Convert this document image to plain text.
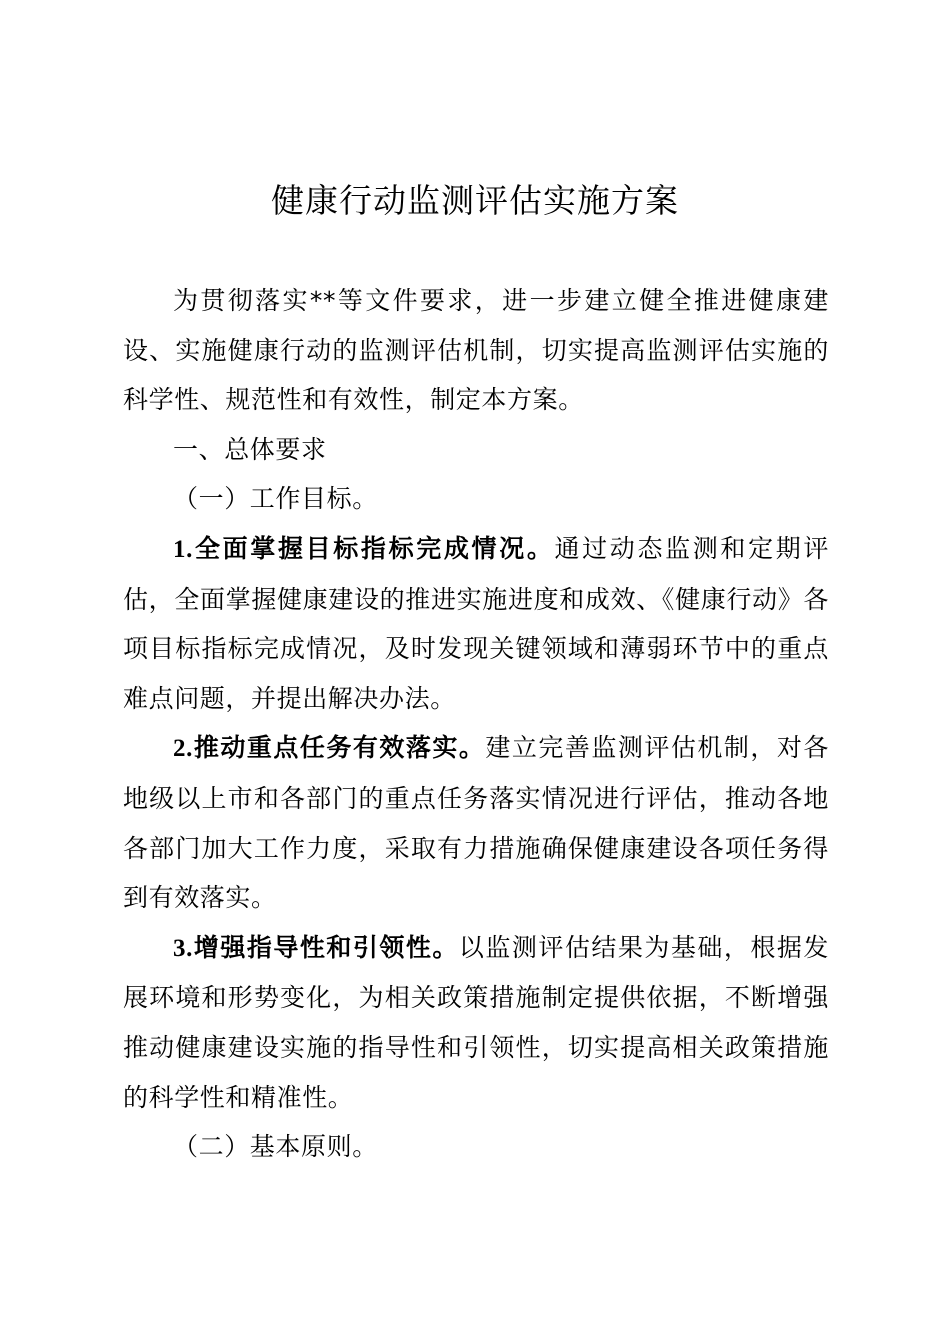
健康行动监测评估实施方案

为贯彻落实**等文件要求，进一步建立健全推进健康建设、实施健康行动的监测评估机制，切实提高监测评估实施的科学性、规范性和有效性，制定本方案。

一、总体要求

（一）工作目标。

1.全面掌握目标指标完成情况。通过动态监测和定期评估，全面掌握健康建设的推进实施进度和成效、《健康行动》各项目标指标完成情况，及时发现关键领域和薄弱环节中的重点难点问题，并提出解决办法。

2.推动重点任务有效落实。建立完善监测评估机制，对各地级以上市和各部门的重点任务落实情况进行评估，推动各地各部门加大工作力度，采取有力措施确保健康建设各项任务得到有效落实。

3.增强指导性和引领性。以监测评估结果为基础，根据发展环境和形势变化，为相关政策措施制定提供依据，不断增强推动健康建设实施的指导性和引领性，切实提高相关政策措施的科学性和精准性。

（二）基本原则。
